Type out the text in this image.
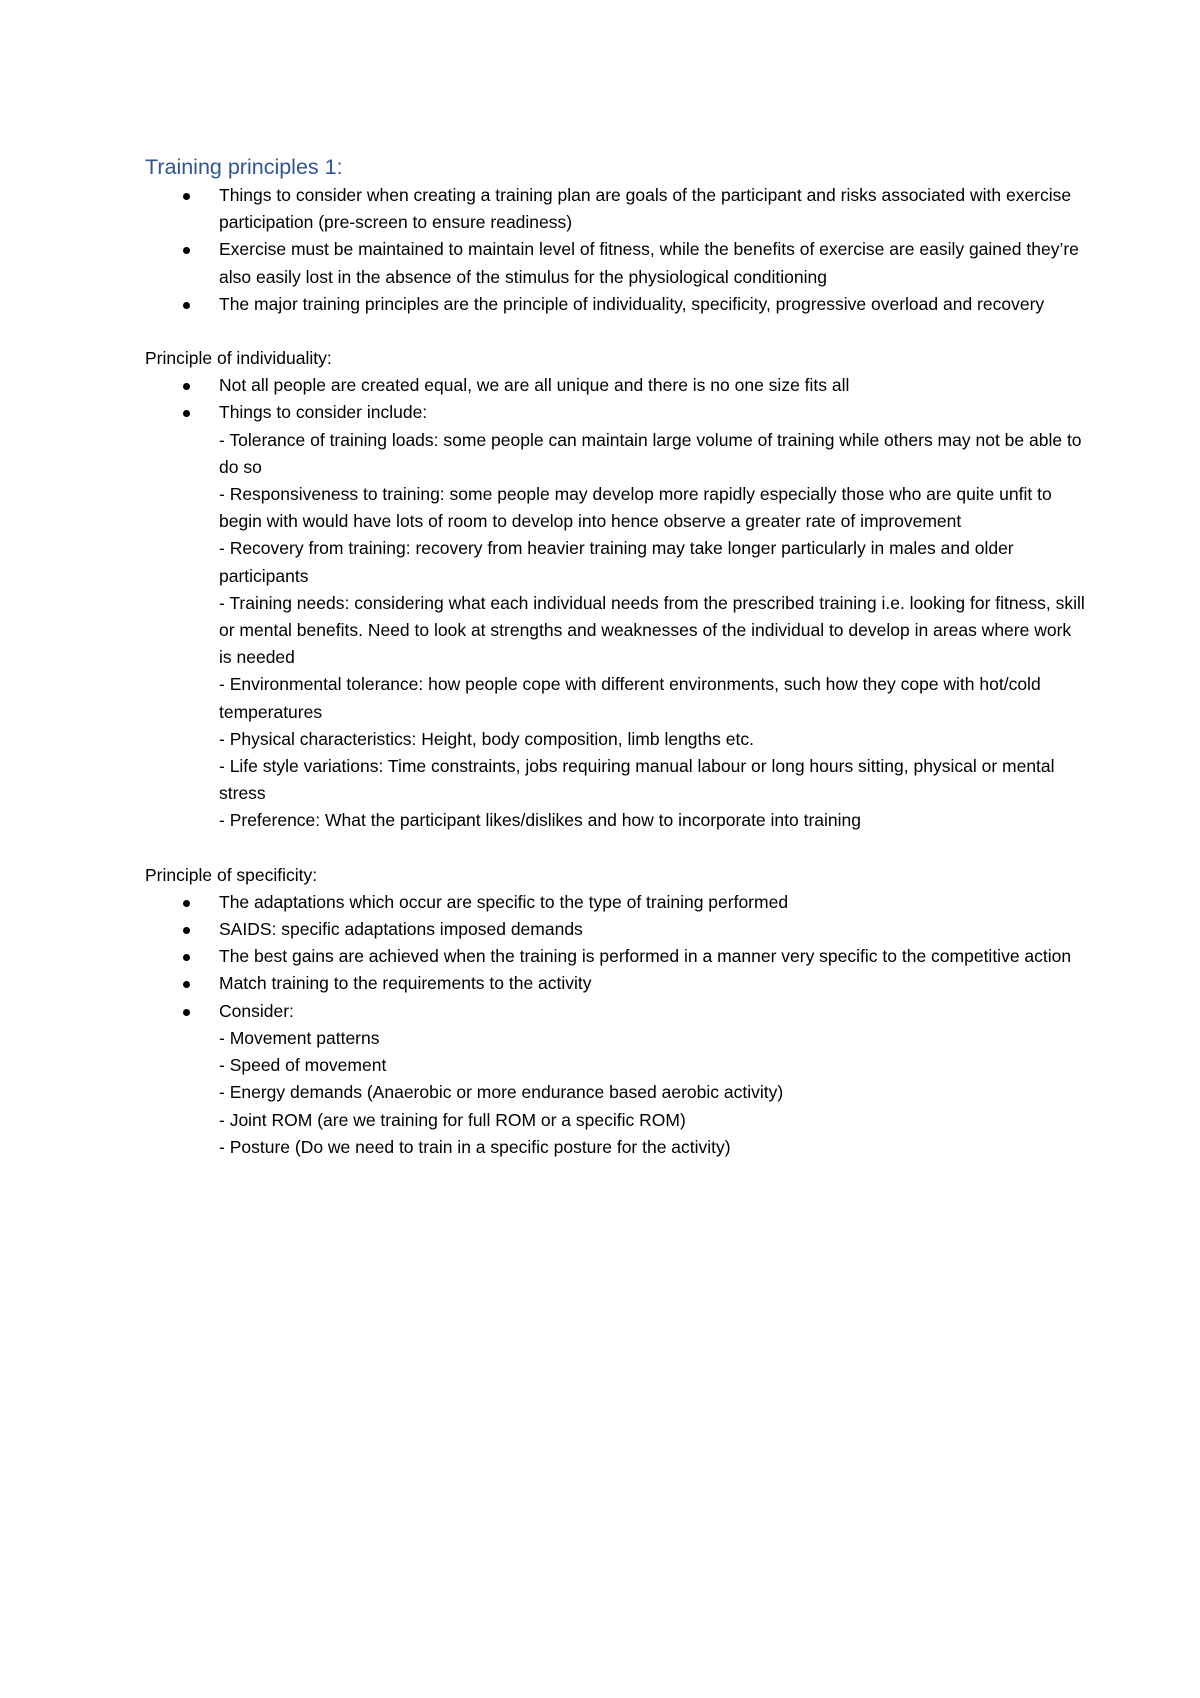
Training principles 1:
Things to consider when creating a training plan are goals of the participant and risks associated with exercise participation (pre-screen to ensure readiness)
Exercise must be maintained to maintain level of fitness, while the benefits of exercise are easily gained they’re also easily lost in the absence of the stimulus for the physiological conditioning
The major training principles are the principle of individuality, specificity, progressive overload and recovery
Principle of individuality:
Not all people are created equal, we are all unique and there is no one size fits all
Things to consider include:
- Tolerance of training loads: some people can maintain large volume of training while others may not be able to do so
- Responsiveness to training: some people may develop more rapidly especially those who are quite unfit to begin with would have lots of room to develop into hence observe a greater rate of improvement
- Recovery from training: recovery from heavier training may take longer particularly in males and older participants
- Training needs: considering what each individual needs from the prescribed training i.e. looking for fitness, skill or mental benefits. Need to look at strengths and weaknesses of the individual to develop in areas where work is needed
- Environmental tolerance: how people cope with different environments, such how they cope with hot/cold temperatures
- Physical characteristics: Height, body composition, limb lengths etc.
- Life style variations: Time constraints, jobs requiring manual labour or long hours sitting, physical or mental stress
- Preference: What the participant likes/dislikes and how to incorporate into training
Principle of specificity:
The adaptations which occur are specific to the type of training performed
SAIDS: specific adaptations imposed demands
The best gains are achieved when the training is performed in a manner very specific to the competitive action
Match training to the requirements to the activity
Consider:
- Movement patterns
- Speed of movement
- Energy demands (Anaerobic or more endurance based aerobic activity)
- Joint ROM (are we training for full ROM or a specific ROM)
- Posture (Do we need to train in a specific posture for the activity)
